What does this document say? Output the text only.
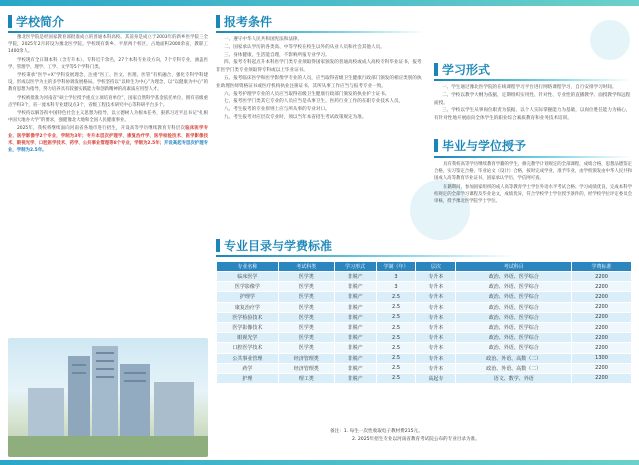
学校简介

豫北医学院是经国家教育部批准成立的普通本科高校。其前身是成立于2003年的新乡医学院三全学院，2025年2月转设为豫北医学院。学校现有新乡、平原两个校区，占地面积2000余亩，教职工1400余人。

学校现有全日制本科（含专升本）、专科近千余名，27个本科专业及方向，7个专科专业，涵盖医学、管理学、理学、工学、文学等5个学科门类。

学校秉承“医学+X”学科发展理念，注重“医工、医文、医理、医管”有机融合，强化专科学科建设，形成以医学为主的多学科协调发展格局。学校坚持以“以师生为中心”为理念，以“以健康为中心”的教育思想为指导，努力培养具有较强实践能力和创新精神的高素质应用型人才。

学校被批准为河南省“硕士学位授予重点立项培育单位”，国家自然科学基金依托单位，拥有省级重点学科3个，省一流本科专业建设点3个，省级工程技术研究中心等科研平台多个。

学校持以解答衔中国特色社会主义思想为指导，以立德树人为根本任务，狠抓习近平总书记“扎根中国大地办大学”的要求，强健豫北大地和全国人民健康事业。

2025年，我校将继续面向河南省各地市进行招生，开设高等学历继续教育专科层次临床医学专业、医学影像学2个专业，学制为3年；专升本层次护理学、康复治疗学、医学检验技术、医学影像技术、眼视光学、口腔医学技术、药学、公共事业管理等8个专业，学制为2.5年；开设高起专层次护理专业，学制为2.5年。

报考条件

一、遵守中华人民共和国宪法和法律。

二、国家承认学历的各类高、中等学校在校生以外的从业人员和社会其他人员。

三、身体健康，生活能自理，不影响所报专业学习。

四、报考专科起点升本科医学门类专业须取得国家颁发的普通高校或成人高校专科毕业证书，报考非医学门类专业须取得专科或以上毕业证书。

五、报考临床医学和医学影像学专业的人员，应当取得省级卫生健康行政部门颁发的相应类别的执业助理医师资格证书或医疗机构执业注册证书，其所从事工作应当与报考专业一致。

六、报考护理学专业的人员应当取得省级卫生健康行政部门颁发的执业护士证书。

七、报考医学门类其它专业的人员应当是从事卫生、医药行业工作的在职专业技术人员。

八、考生报考的专业原则上应与所从事的专业对口。

九、考生报考对应层次专业时，须以当年本省招生考试政策规定为准。

学习形式

一、学生通过豫北医学院的在线课程学习平台进行网络课程学习，自行安排学习时间。

二、学校以教学大纲为依据，定期组织实用性、针对性、专业性的直播教学、面授教学和远程面授。

三、学校以学生从事岗位职责为依据，以个人实际掌握能力为基础，以岗位胜任能力为核心，有针对性地开展面向全体学生的职业综合素质教育和业务技术培训。

毕业与学位授予

具有我校高等学历继续教育学籍的学生，修完教学计划规定的全部课程，成绩合格，思想品德鉴定合格，实习鉴定合格，毕业论文（设计）合格，按时完成学业，准予毕业，由学校颁发由中华人民共和国成人高等教育毕业证书，国家承认学历，学信网可查。

在籍期间，参加国家组织的成人高等教育学士学位外语水平考试合格；学习成绩优良，完成本科学校规定的全部学习课程及毕业论文，成绩优异，符合学校学士学位授予条件的，经学校学位评定委员会审核，授予豫北医学院学士学位。

专业目录与学费标准
专业名称	考试科类	学习形式	学制（年）	层次	考试科目	学费标准
临床医学	医学类	非脱产	3	专升本	政治、外语、医学综合	2200
医学影像学	医学类	非脱产	3	专升本	政治、外语、医学综合	2200
护理学	医学类	非脱产	2.5	专升本	政治、外语、医学综合	2200
康复治疗学	医学类	非脱产	2.5	专升本	政治、外语、医学综合	2200
医学检验技术	医学类	非脱产	2.5	专升本	政治、外语、医学综合	2200
医学影像技术	医学类	非脱产	2.5	专升本	政治、外语、医学综合	2200
眼视光学	医学类	非脱产	2.5	专升本	政治、外语、医学综合	2200
口腔医学技术	医学类	非脱产	2.5	专升本	政治、外语、医学综合	2200
公共事业管理	经济管理类	非脱产	2.5	专升本	政治、外语、高数（二）	1300
药学	经济管理类	非脱产	2.5	专升本	政治、外语、高数（二）	2200
护理	理工类	非脱产	2.5	高起专	语文、数学、外语	2200

备注：1. 每生一次性收取电子教材费215元。

2. 2025年招生专业以河南省教育考试院公布的专业目录为准。
